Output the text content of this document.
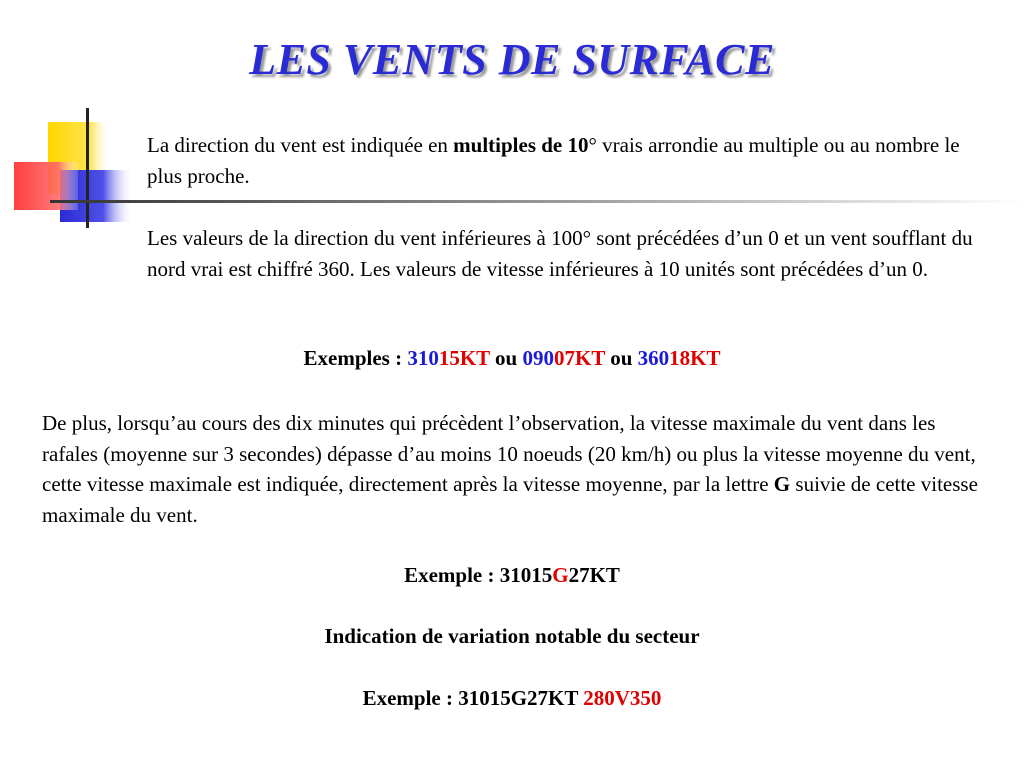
LES VENTS DE SURFACE

La direction du vent est indiquée en multiples de 10° vrais arrondie au multiple ou au nombre le plus proche.

Les valeurs de la direction du vent inférieures à 100° sont précédées d’un 0 et un vent soufflant du nord vrai est chiffré 360. Les valeurs de vitesse inférieures à 10 unités sont précédées d’un 0.

Exemples : 31015KT ou 09007KT ou 36018KT

De plus, lorsqu’au cours des dix minutes qui précèdent l’observation, la vitesse maximale du vent dans les rafales (moyenne sur 3 secondes) dépasse d’au moins 10 noeuds (20 km/h) ou plus la vitesse moyenne du vent, cette vitesse maximale est indiquée, directement après la vitesse moyenne, par la lettre G suivie de cette vitesse maximale du vent.

Exemple : 31015G27KT
Indication de variation notable du secteur
Exemple : 31015G27KT 280V350
